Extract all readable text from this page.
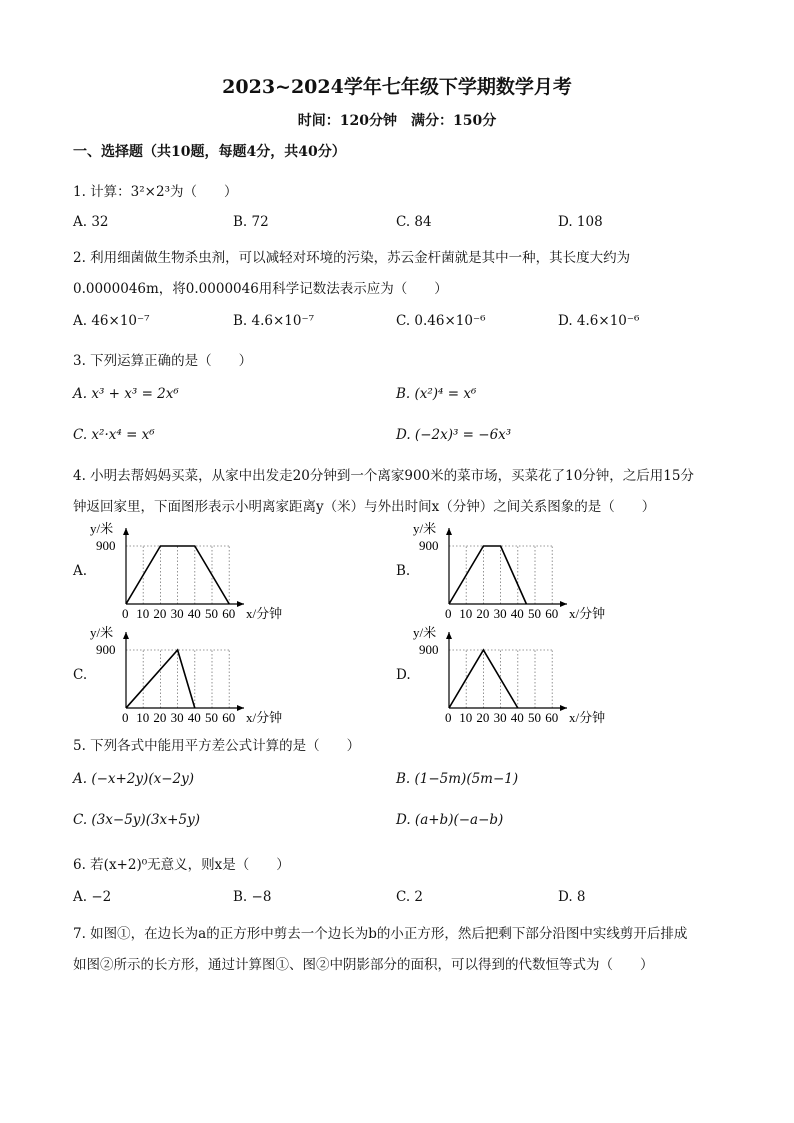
2023~2024学年七年级下学期数学月考
时间：120分钟　满分：150分
一、选择题（共10题，每题4分，共40分）
1. 计算：3²×2³为（　　）
A. 32	B. 72	C. 84	D. 108
2. 利用细菌做生物杀虫剂，可以减轻对环境的污染，苏云金杆菌就是其中一种，其长度大约为
0.0000046m，将0.0000046用科学记数法表示应为（　　）
A. 46×10⁻⁷	B. 4.6×10⁻⁷	C. 0.46×10⁻⁶	D. 4.6×10⁻⁶
3. 下列运算正确的是（　　）
A. x³ + x³ = 2x⁶	B. (x²)⁴ = x⁶
C. x²·x⁴ = x⁶	D. (−2x)³ = −6x³
4. 小明去帮妈妈买菜，从家中出发走20分钟到一个离家900米的菜市场，买菜花了10分钟，之后用15分
钟返回家里，下面图形表示小明离家距离y（米）与外出时间x（分钟）之间关系图象的是（　　）
A.	B.
C.	D.
900
y/米
x/分钟
0 10 20 30 40 50 60
900
y/米
x/分钟
0 10 20 30 40 50 60
900
y/米
x/分钟
0 10 20 30 40 50 60
900
y/米
x/分钟
0 10 20 30 40 50 60
5. 下列各式中能用平方差公式计算的是（　　）
A. (−x+2y)(x−2y)	B. (1−5m)(5m−1)
C. (3x−5y)(3x+5y)	D. (a+b)(−a−b)
6. 若(x+2)⁰无意义，则x是（　　）
A. −2	B. −8	C. 2	D. 8
7. 如图①，在边长为a的正方形中剪去一个边长为b的小正方形，然后把剩下部分沿图中实线剪开后排成
如图②所示的长方形，通过计算图①、图②中阴影部分的面积，可以得到的代数恒等式为（　　）
